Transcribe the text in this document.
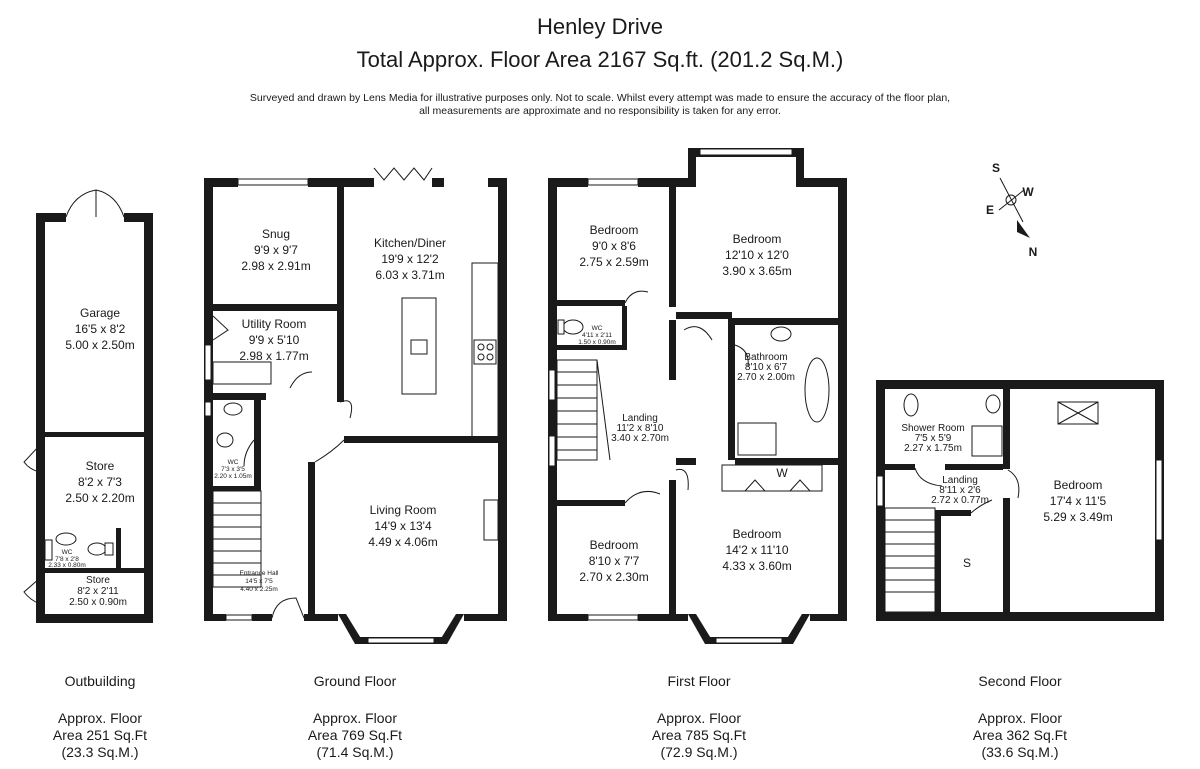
Henley Drive
Total Approx. Floor Area 2167 Sq.ft. (201.2 Sq.M.)
Surveyed and drawn by Lens Media for illustrative purposes only. Not to scale. Whilst every attempt was made to ensure the accuracy of the floor plan,
all measurements are approximate and no responsibility is taken for any error.
S
W
E
N
Garage
16'5 x 8'2
5.00 x 2.50m
Store
8'2 x 7'3
2.50 x 2.20m
WC
7'8 x 2'8
2.33 x 0.80m
Store
8'2 x 2'11
2.50 x 0.90m
Snug
9'9 x 9'7
2.98 x 2.91m
Kitchen/Diner
19'9 x 12'2
6.03 x 3.71m
Utility Room
9'9 x 5'10
2.98 x 1.77m
WC
7'3 x 3'5
2.20 x 1.05m
Living Room
14'9 x 13'4
4.49 x 4.06m
Entrance Hall
14'5 x 7'5
4.40 x 2.25m
Bedroom
9'0 x 8'6
2.75 x 2.59m
Bedroom
12'10 x 12'0
3.90 x 3.65m
WC
4'11 x 2'11
1.50 x 0.90m
Bathroom
8'10 x 6'7
2.70 x 2.00m
Landing
11'2 x 8'10
3.40 x 2.70m
W
Bedroom
8'10 x 7'7
2.70 x 2.30m
Bedroom
14'2 x 11'10
4.33 x 3.60m
Shower Room
7'5 x 5'9
2.27 x 1.75m
Landing
8'11 x 2'6
2.72 x 0.77m
S
Bedroom
17'4 x 11'5
5.29 x 3.49m
Outbuilding
Approx. Floor
Area 251 Sq.Ft
(23.3 Sq.M.)
Ground Floor
Approx. Floor
Area 769 Sq.Ft
(71.4 Sq.M.)
First Floor
Approx. Floor
Area 785 Sq.Ft
(72.9 Sq.M.)
Second Floor
Approx. Floor
Area 362 Sq.Ft
(33.6 Sq.M.)
